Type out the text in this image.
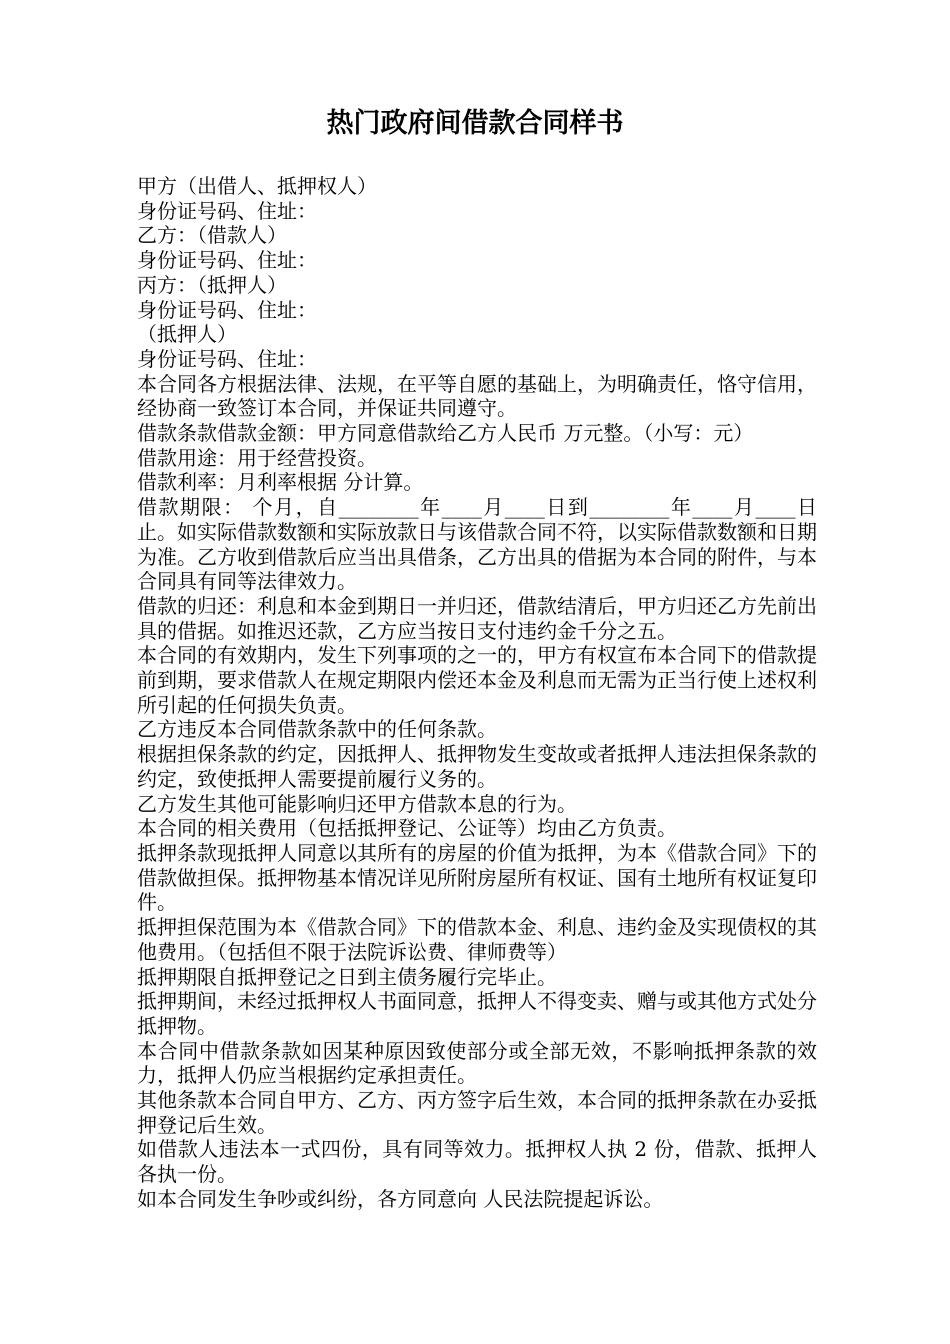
热门政府间借款合同样书

甲方（出借人、抵押权人）

身份证号码、住址：

乙方：（借款人）

身份证号码、住址：

丙方：（抵押人）

身份证号码、住址：

（抵押人）

身份证号码、住址：

本合同各方根据法律、法规，在平等自愿的基础上，为明确责任，恪守信用，经协商一致签订本合同，并保证共同遵守。

借款条款借款金额：甲方同意借款给乙方人民币 万元整。（小写：元）

借款用途：用于经营投资。

借款利率：月利率根据 分计算。

借款期限： 个月，自________年____月____日到________年____月____日止。如实际借款数额和实际放款日与该借款合同不符，以实际借款数额和日期为准。乙方收到借款后应当出具借条，乙方出具的借据为本合同的附件，与本合同具有同等法律效力。

借款的归还：利息和本金到期日一并归还，借款结清后，甲方归还乙方先前出具的借据。如推迟还款，乙方应当按日支付违约金千分之五。

本合同的有效期内，发生下列事项的之一的，甲方有权宣布本合同下的借款提前到期，要求借款人在规定期限内偿还本金及利息而无需为正当行使上述权利所引起的任何损失负责。

乙方违反本合同借款条款中的任何条款。

根据担保条款的约定，因抵押人、抵押物发生变故或者抵押人违法担保条款的约定，致使抵押人需要提前履行义务的。

乙方发生其他可能影响归还甲方借款本息的行为。

本合同的相关费用（包括抵押登记、公证等）均由乙方负责。

抵押条款现抵押人同意以其所有的房屋的价值为抵押，为本《借款合同》下的借款做担保。抵押物基本情况详见所附房屋所有权证、国有土地所有权证复印件。

抵押担保范围为本《借款合同》下的借款本金、利息、违约金及实现债权的其他费用。（包括但不限于法院诉讼费、律师费等）

抵押期限自抵押登记之日到主债务履行完毕止。

抵押期间，未经过抵押权人书面同意，抵押人不得变卖、赠与或其他方式处分抵押物。

本合同中借款条款如因某种原因致使部分或全部无效，不影响抵押条款的效力，抵押人仍应当根据约定承担责任。

其他条款本合同自甲方、乙方、丙方签字后生效，本合同的抵押条款在办妥抵押登记后生效。

如借款人违法本一式四份，具有同等效力。抵押权人执 2 份，借款、抵押人各执一份。

如本合同发生争吵或纠纷，各方同意向 人民法院提起诉讼。
